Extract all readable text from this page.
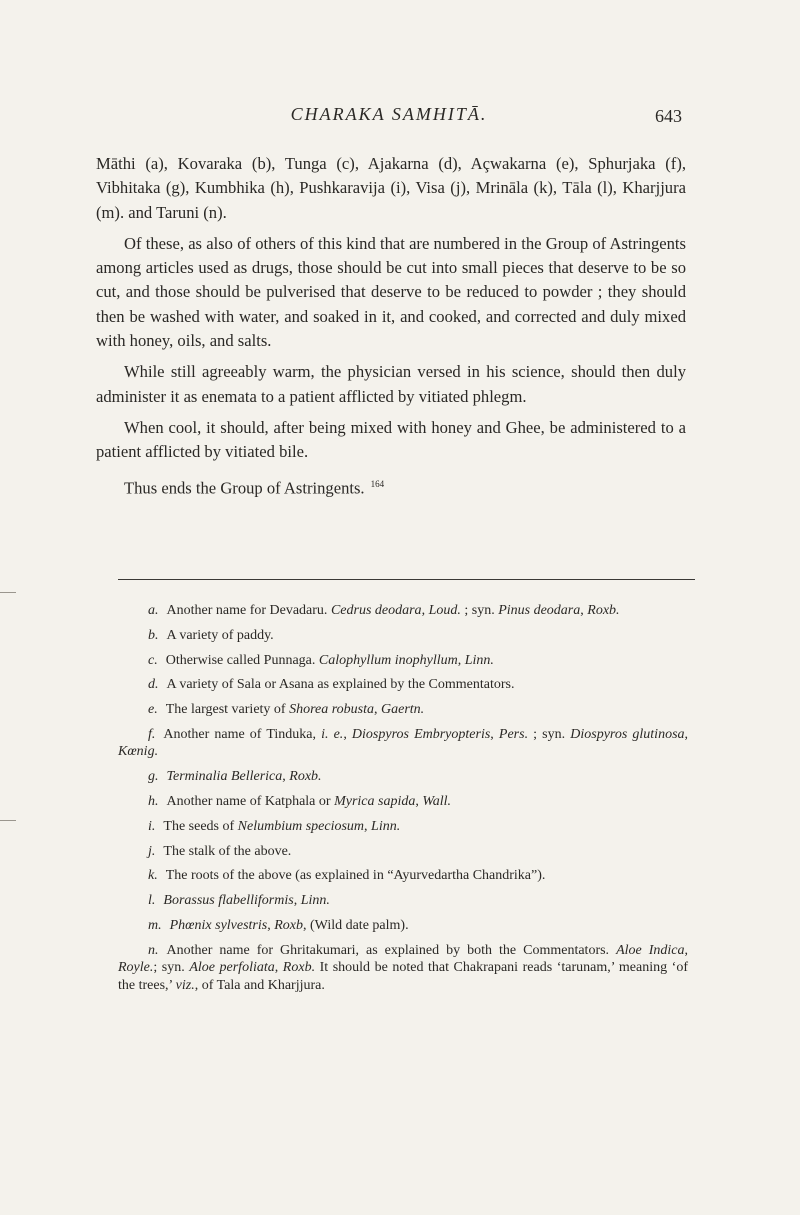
CHARAKA SAMHITĀ.	643

Māthi (a), Kovaraka (b), Tunga (c), Ajakarna (d), Açwakarna (e), Sphurjaka (f), Vibhitaka (g), Kumbhika (h), Pushkaravija (i), Visa (j), Mrināla (k), Tāla (l), Kharjjura (m). and Taruni (n).

Of these, as also of others of this kind that are numbered in the Group of Astringents among articles used as drugs, those should be cut into small pieces that deserve to be so cut, and those should be pulverised that deserve to be reduced to powder ; they should then be washed with water, and soaked in it, and cooked, and corrected and duly mixed with honey, oils, and salts.

While still agreeably warm, the physician versed in his science, should then duly administer it as enemata to a patient afflicted by vitiated phlegm.

When cool, it should, after being mixed with honey and Ghee, be administered to a patient afflicted by vitiated bile.

Thus ends the Group of Astringents. $^{164}$

a. Another name for Devadaru. Cedrus deodara, Loud. ; syn. Pinus deodara, Roxb.

b. A variety of paddy.

c. Otherwise called Punnaga. Calophyllum inophyllum, Linn.

d. A variety of Sala or Asana as explained by the Commentators.

e. The largest variety of Shorea robusta, Gaertn.

f. Another name of Tinduka, i. e., Diospyros Embryopteris, Pers. ; syn. Diospyros glutinosa, Kœnig.

g. Terminalia Bellerica, Roxb.

h. Another name of Katphala or Myrica sapida, Wall.

i. The seeds of Nelumbium speciosum, Linn.

j. The stalk of the above.

k. The roots of the above (as explained in “Ayurvedartha Chandrika”).

l. Borassus flabelliformis, Linn.

m. Phœnix sylvestris, Roxb, (Wild date palm).

n. Another name for Ghritakumari, as explained by both the Commentators. Aloe Indica, Royle.; syn. Aloe perfoliata, Roxb. It should be noted that Chakrapani reads ‘tarunam,’ meaning ‘of the trees,’ viz., of Tala and Kharjjura.
